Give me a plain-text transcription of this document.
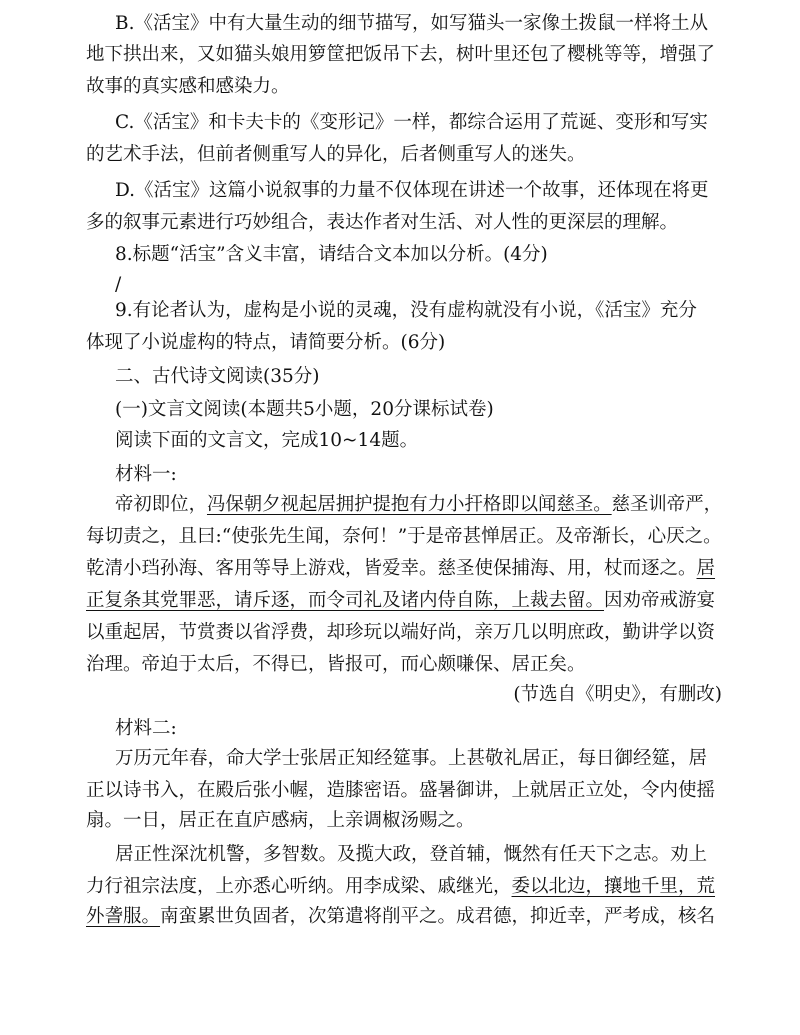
B.《活宝》中有大量生动的细节描写，如写猫头一家像土拨鼠一样将土从
地下拱出来，又如猫头娘用箩筐把饭吊下去，树叶里还包了樱桃等等，增强了
故事的真实感和感染力。
C.《活宝》和卡夫卡的《变形记》一样，都综合运用了荒诞、变形和写实
的艺术手法，但前者侧重写人的异化，后者侧重写人的迷失。
D.《活宝》这篇小说叙事的力量不仅体现在讲述一个故事，还体现在将更
多的叙事元素进行巧妙组合，表达作者对生活、对人性的更深层的理解。
8.标题“活宝”含义丰富，请结合文本加以分析。(4分)
/
9.有论者认为，虚构是小说的灵魂，没有虚构就没有小说，《活宝》充分
体现了小说虚构的特点，请简要分析。(6分)
二、古代诗文阅读(35分)
(一)文言文阅读(本题共5小题，20分课标试卷)
阅读下面的文言文，完成10~14题。
材料一:
帝初即位，冯保朝夕视起居拥护提抱有力小扞格即以闻慈圣。慈圣训帝严，
每切责之，且曰:“使张先生闻，奈何！”于是帝甚惮居正。及帝渐长，心厌之。
乾清小珰孙海、客用等导上游戏，皆爱幸。慈圣使保捕海、用，杖而逐之。居
正复条其党罪恶，请斥逐，而令司礼及诸内侍自陈，上裁去留。因劝帝戒游宴
以重起居，节赏赉以省浮费，却珍玩以端好尚，亲万几以明庶政，勤讲学以资
治理。帝迫于太后，不得已，皆报可，而心颇嗛保、居正矣。
(节选自《明史》，有删改)
材料二:
万历元年春，命大学士张居正知经筵事。上甚敬礼居正，每日御经筵，居
正以诗书入，在殿后张小幄，造膝密语。盛暑御讲，上就居正立处，令内使摇
扇。一日，居正在直庐感病，上亲调椒汤赐之。
居正性深沈机警，多智数。及揽大政，登首辅，慨然有任天下之志。劝上
力行祖宗法度，上亦悉心听纳。用李成梁、戚继光，委以北边，攘地千里，荒
外詟服。南蛮累世负固者，次第遣将削平之。成君德，抑近幸，严考成，核名
